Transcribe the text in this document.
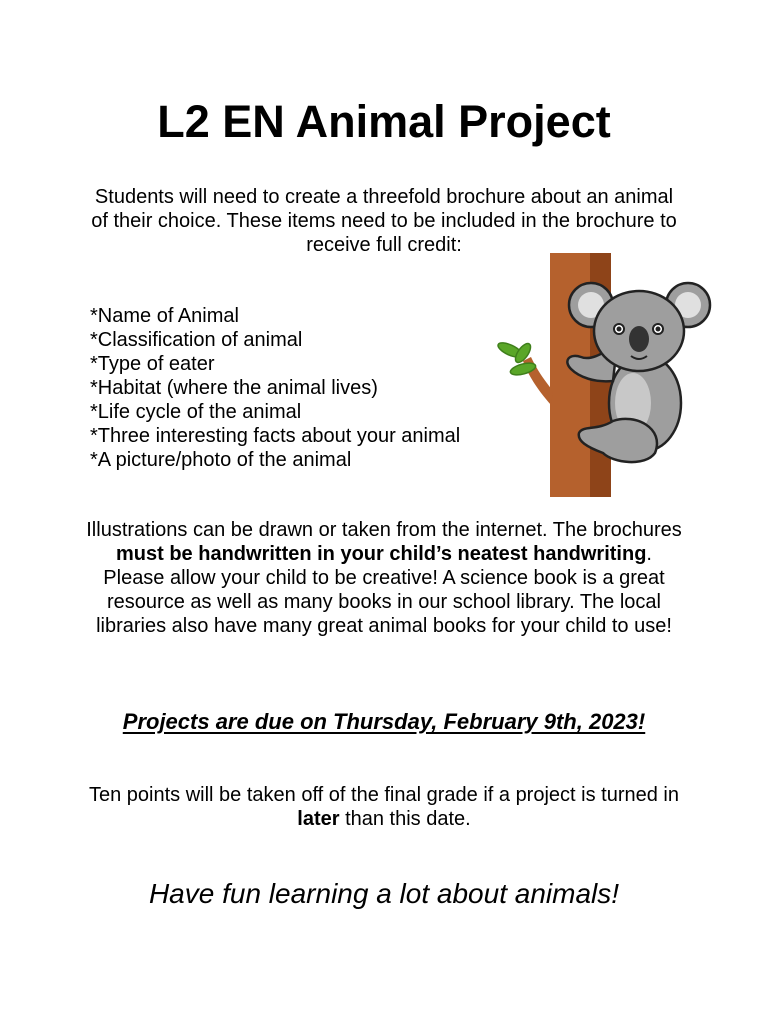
L2 EN Animal Project

Students will need to create a threefold brochure about an animal of their choice. These items need to be included in the brochure to receive full credit:

*Name of Animal
*Classification of animal
*Type of eater
*Habitat (where the animal lives)
*Life cycle of the animal
*Three interesting facts about your animal
*A picture/photo of the animal

Illustrations can be drawn or taken from the internet. The brochures must be handwritten in your child’s neatest handwriting. Please allow your child to be creative! A science book is a great resource as well as many books in our school library. The local libraries also have many great animal books for your child to use!

Projects are due on Thursday, February 9th, 2023!

Ten points will be taken off of the final grade if a project is turned in later than this date.

Have fun learning a lot about animals!
